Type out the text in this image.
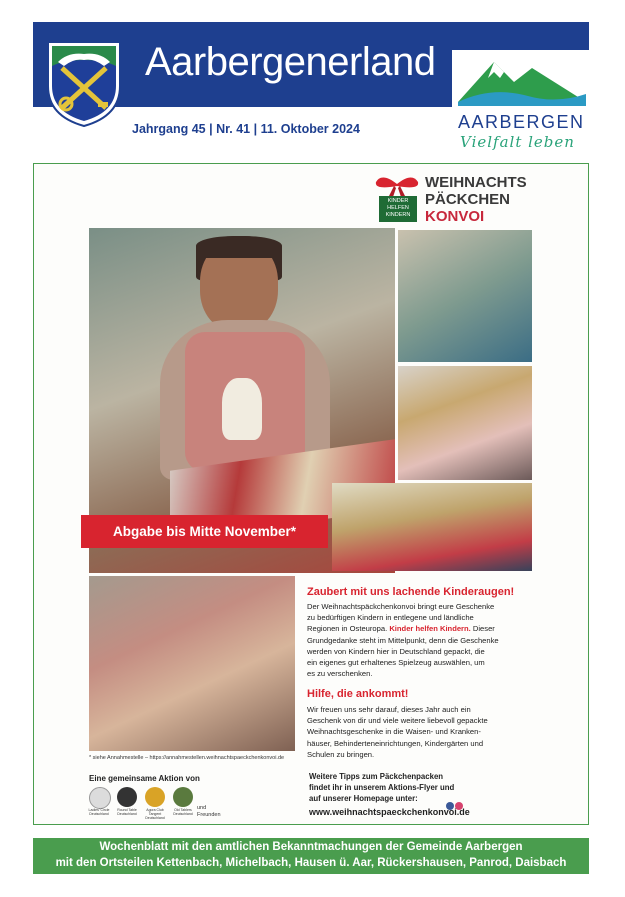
Aarbergenerland
Jahrgang 45 | Nr. 41 | 11. Oktober 2024	AARBERGEN
Vielfalt leben
KINDER
HELFEN
KINDERN
WEIHNACHTS
PÄCKCHEN
KONVOI
Abgabe bis Mitte November*
Zaubert mit uns lachende Kinderaugen!
Der Weihnachtspäckchenkonvoi bringt eure Geschenke
zu bedürftigen Kindern in entlegene und ländliche
Regionen in Osteuropa. Kinder helfen Kindern. Dieser
Grundgedanke steht im Mittelpunkt, denn die Geschenke
werden von Kindern hier in Deutschland gepackt, die
ein eigenes gut erhaltenes Spielzeug auswählen, um
es zu verschenken.
Hilfe, die ankommt!
Wir freuen uns sehr darauf, dieses Jahr auch ein
Geschenk von dir und viele weitere liebevoll gepackte
Weihnachtsgeschenke in die Waisen- und Kranken-
häuser, Behinderteneinrichtungen, Kindergärten und
Schulen zu bringen.
* siehe Annahmestelle – https://annahmestellen.weihnachtspaeckchenkonvoi.de
Eine gemeinsame Aktion von
Ladies' Circle Deutschland
Round Table Deutschland
Agora Club Tangent Deutschland
Old Tablers Deutschland
und
Freunden
Weitere Tipps zum Päckchenpacken
findet ihr in unserem Aktions-Flyer und
auf unserer Homepage unter:
www.weihnachtspaeckchenkonvoi.de
Wochenblatt mit den amtlichen Bekanntmachungen der Gemeinde Aarbergen
mit den Ortsteilen Kettenbach, Michelbach, Hausen ü. Aar, Rückershausen, Panrod, Daisbach
